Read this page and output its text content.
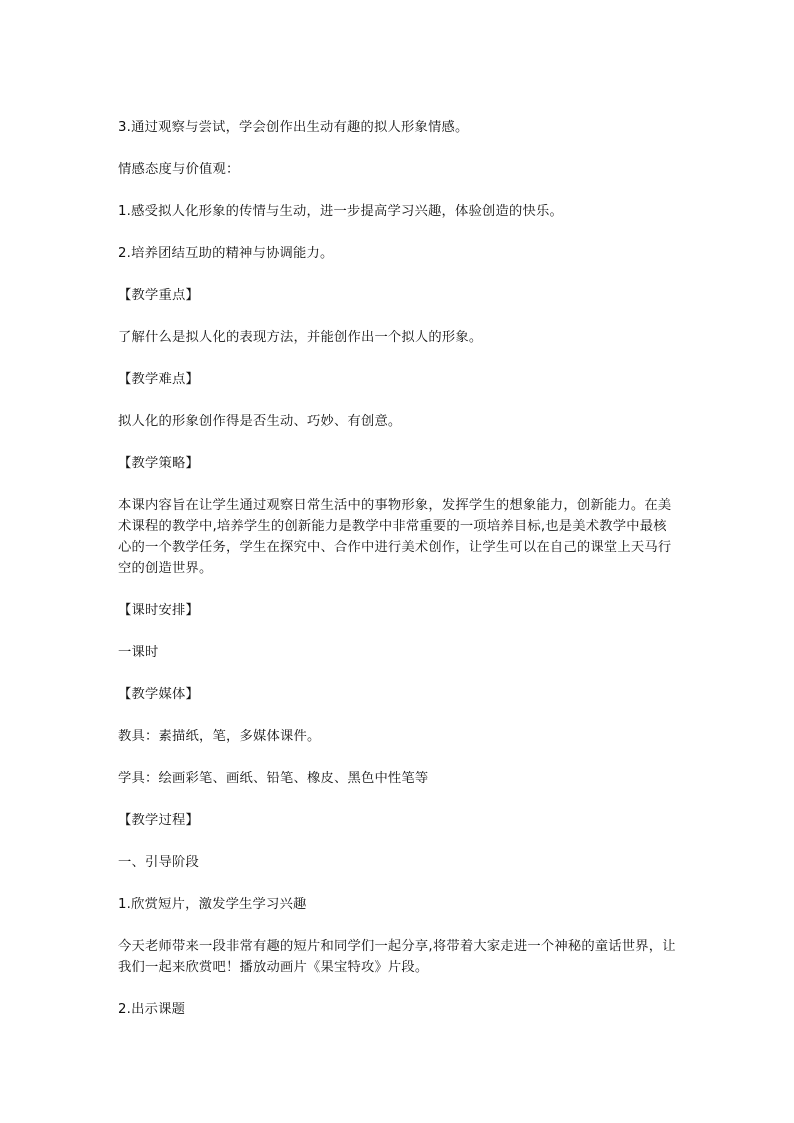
3.通过观察与尝试，学会创作出生动有趣的拟人形象情感。

情感态度与价值观：

1.感受拟人化形象的传情与生动，进一步提高学习兴趣，体验创造的快乐。

2.培养团结互助的精神与协调能力。

【教学重点】

了解什么是拟人化的表现方法，并能创作出一个拟人的形象。

【教学难点】

拟人化的形象创作得是否生动、巧妙、有创意。

【教学策略】

本课内容旨在让学生通过观察日常生活中的事物形象，发挥学生的想象能力，创新能力。在美术课程的教学中,培养学生的创新能力是教学中非常重要的一项培养目标,也是美术教学中最核心的一个教学任务，学生在探究中、合作中进行美术创作，让学生可以在自己的课堂上天马行空的创造世界。

【课时安排】

一课时

【教学媒体】

教具：素描纸，笔，多媒体课件。

学具：绘画彩笔、画纸、铅笔、橡皮、黑色中性笔等

【教学过程】

一、引导阶段

1.欣赏短片，激发学生学习兴趣

今天老师带来一段非常有趣的短片和同学们一起分享,将带着大家走进一个神秘的童话世界，让我们一起来欣赏吧！播放动画片《果宝特攻》片段。

2.出示课题
